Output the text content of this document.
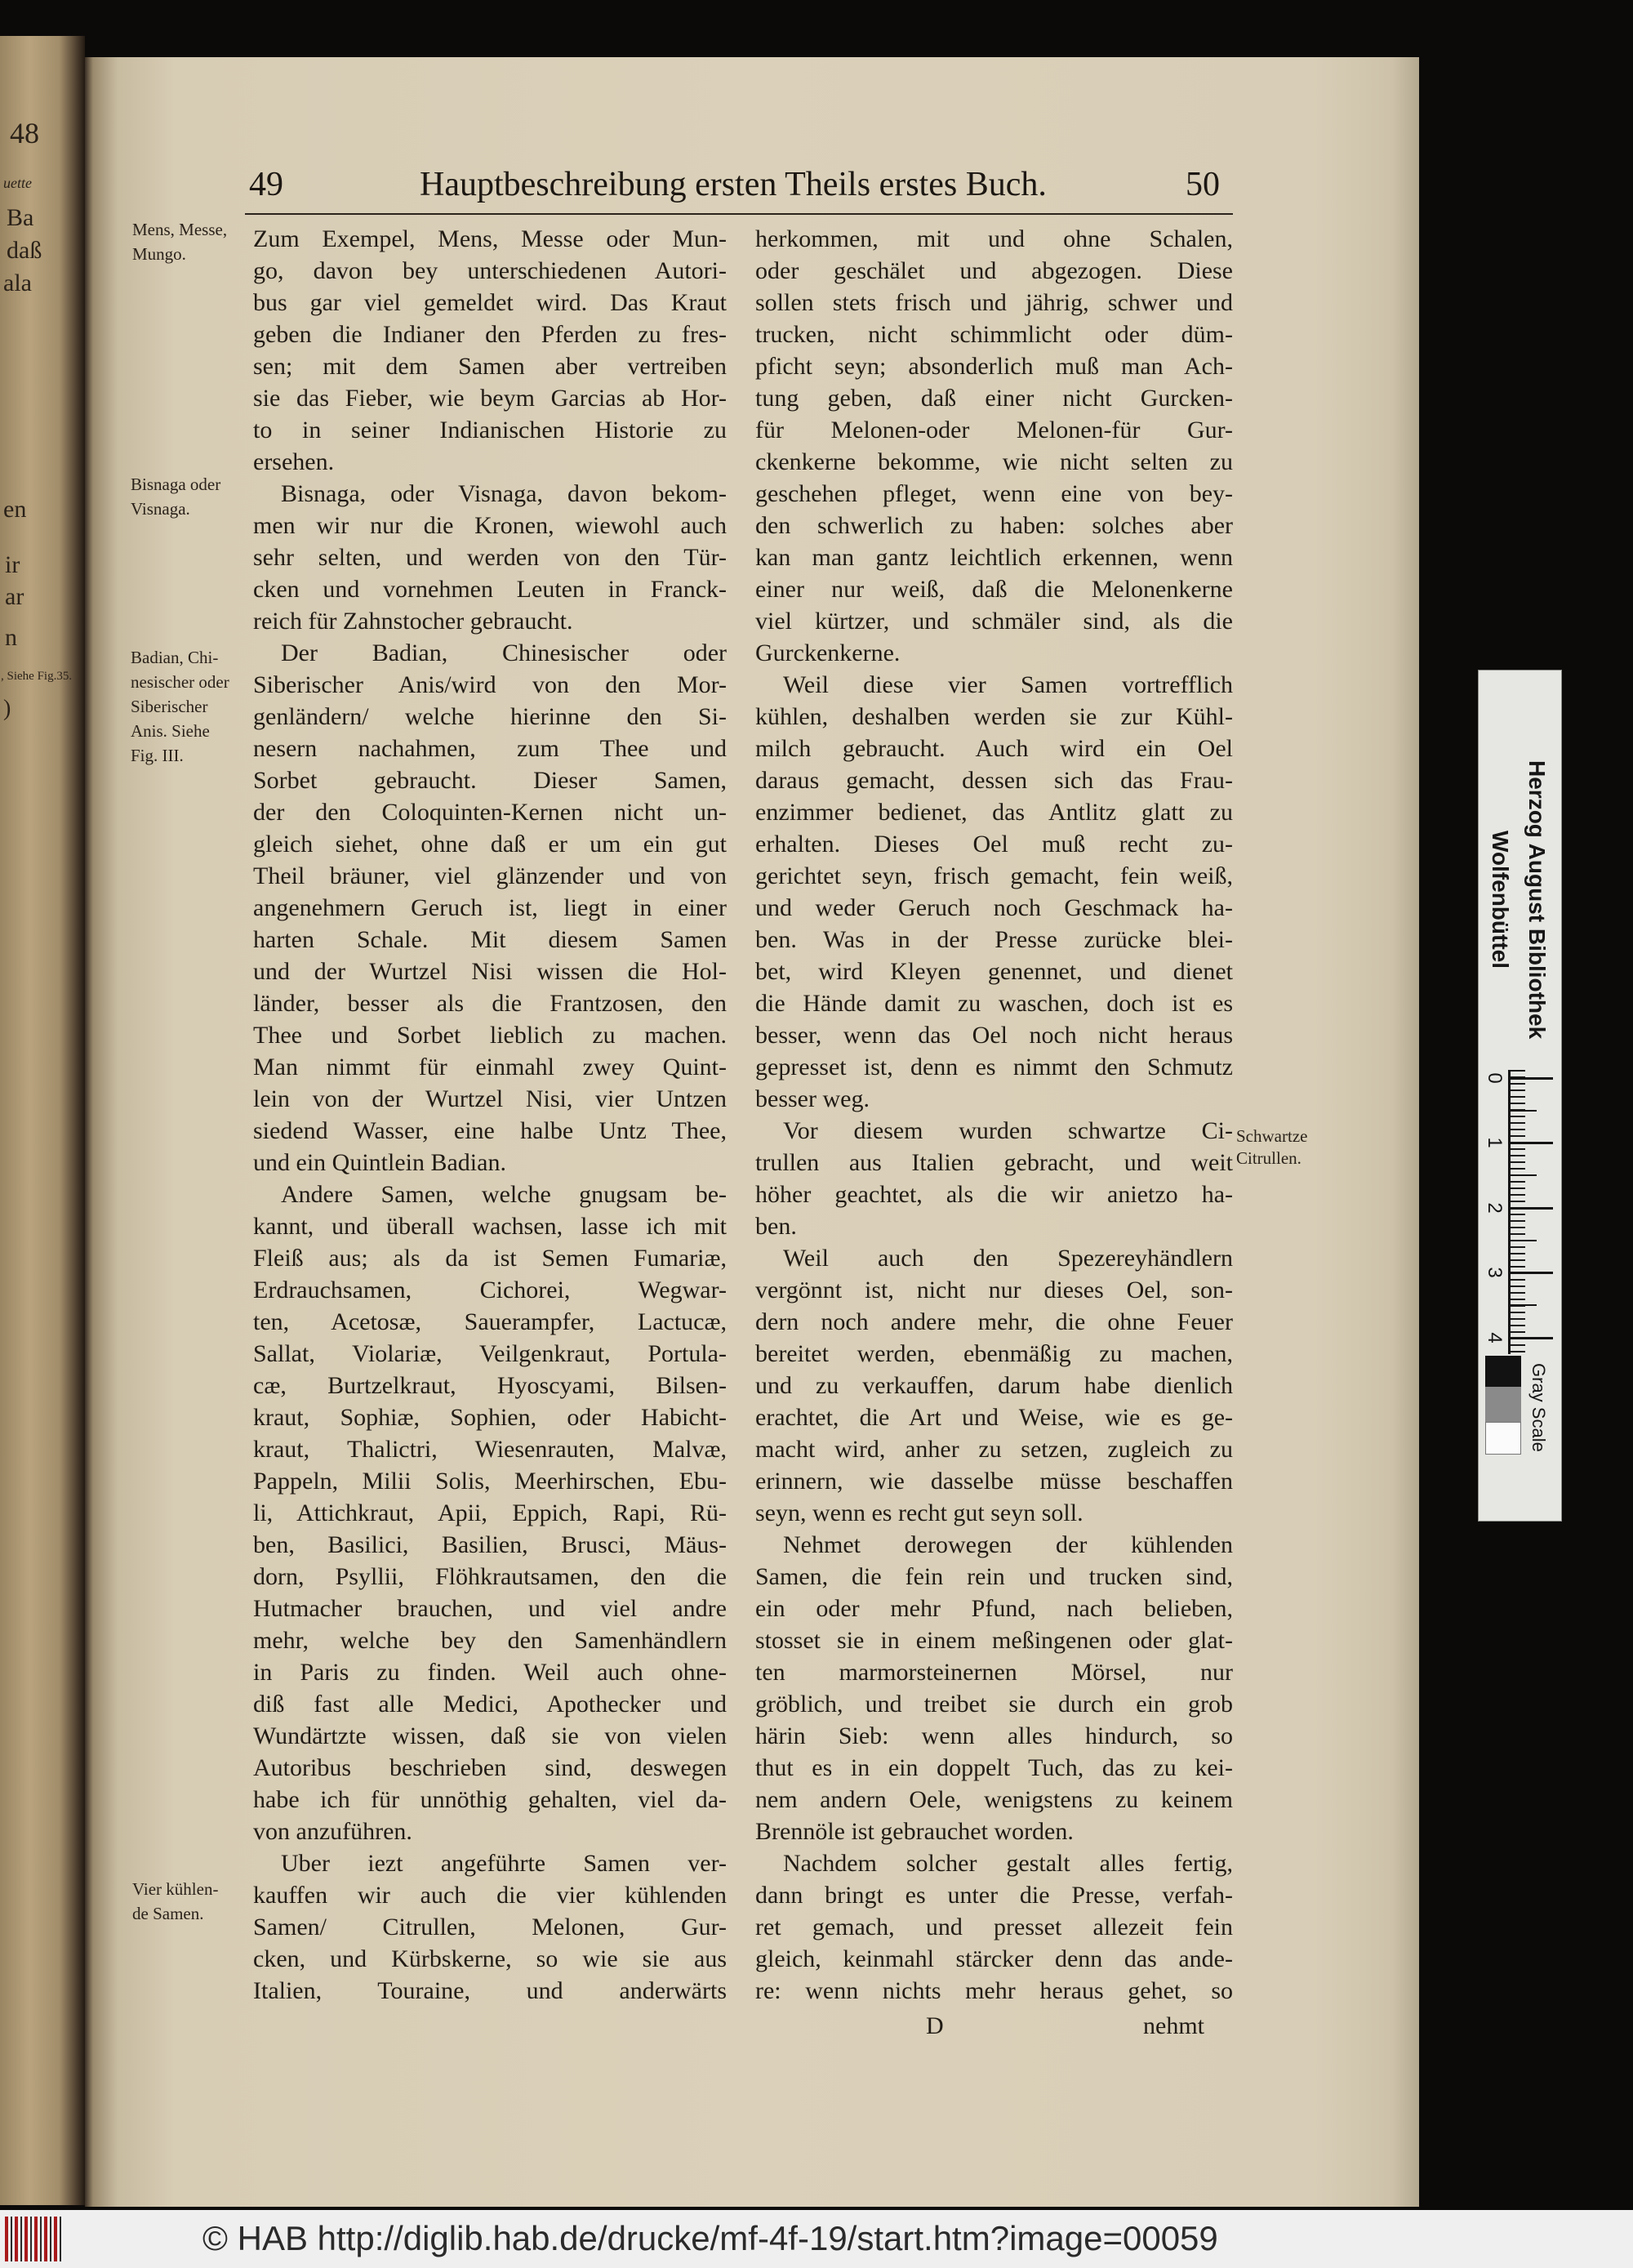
48
uette
Ba
daß
ala
en
ir
ar
n
, Siehe Fig.35.
)
49	Hauptbeschreibung ersten Theils erstes Buch.	50
Mens, Messe,
Mungo.
Bisnaga oder
Visnaga.
Badian, Chi-
nesischer oder
Siberischer
Anis. Siehe
Fig. III.
Vier kühlen-
de Samen.
Schwartze
Citrullen.
Zum Exempel, Mens, Messe oder Mun-
go, davon bey unterschiedenen Autori-
bus gar viel gemeldet wird. Das Kraut
geben die Indianer den Pferden zu fres-
sen; mit dem Samen aber vertreiben
sie das Fieber, wie beym Garcias ab Hor-
to in seiner Indianischen Historie zu
ersehen.
Bisnaga, oder Visnaga, davon bekom-
men wir nur die Kronen, wiewohl auch
sehr selten, und werden von den Tür-
cken und vornehmen Leuten in Franck-
reich für Zahnstocher gebraucht.
Der Badian, Chinesischer oder
Siberischer Anis/wird von den Mor-
genländern/ welche hierinne den Si-
nesern nachahmen, zum Thee und
Sorbet gebraucht. Dieser Samen,
der den Coloquinten-Kernen nicht un-
gleich siehet, ohne daß er um ein gut
Theil bräuner, viel glänzender und von
angenehmern Geruch ist, liegt in einer
harten Schale. Mit diesem Samen
und der Wurtzel Nisi wissen die Hol-
länder, besser als die Frantzosen, den
Thee und Sorbet lieblich zu machen.
Man nimmt für einmahl zwey Quint-
lein von der Wurtzel Nisi, vier Untzen
siedend Wasser, eine halbe Untz Thee,
und ein Quintlein Badian.
Andere Samen, welche gnugsam be-
kannt, und überall wachsen, lasse ich mit
Fleiß aus; als da ist Semen Fumariæ,
Erdrauchsamen, Cichorei, Wegwar-
ten, Acetosæ, Sauerampfer, Lactucæ,
Sallat, Violariæ, Veilgenkraut, Portula-
cæ, Burtzelkraut, Hyoscyami, Bilsen-
kraut, Sophiæ, Sophien, oder Habicht-
kraut, Thalictri, Wiesenrauten, Malvæ,
Pappeln, Milii Solis, Meerhirschen, Ebu-
li, Attichkraut, Apii, Eppich, Rapi, Rü-
ben, Basilici, Basilien, Brusci, Mäus-
dorn, Psyllii, Flöhkrautsamen, den die
Hutmacher brauchen, und viel andre
mehr, welche bey den Samenhändlern
in Paris zu finden. Weil auch ohne-
diß fast alle Medici, Apothecker und
Wundärtzte wissen, daß sie von vielen
Autoribus beschrieben sind, deswegen
habe ich für unnöthig gehalten, viel da-
von anzuführen.
Uber iezt angeführte Samen ver-
kauffen wir auch die vier kühlenden
Samen/ Citrullen, Melonen, Gur-
cken, und Kürbskerne, so wie sie aus
Italien, Touraine, und anderwärts
herkommen, mit und ohne Schalen,
oder geschälet und abgezogen. Diese
sollen stets frisch und jährig, schwer und
trucken, nicht schimmlicht oder düm-
pficht seyn; absonderlich muß man Ach-
tung geben, daß einer nicht Gurcken-
für Melonen-oder Melonen-für Gur-
ckenkerne bekomme, wie nicht selten zu
geschehen pfleget, wenn eine von bey-
den schwerlich zu haben: solches aber
kan man gantz leichtlich erkennen, wenn
einer nur weiß, daß die Melonenkerne
viel kürtzer, und schmäler sind, als die
Gurckenkerne.
Weil diese vier Samen vortrefflich
kühlen, deshalben werden sie zur Kühl-
milch gebraucht. Auch wird ein Oel
daraus gemacht, dessen sich das Frau-
enzimmer bedienet, das Antlitz glatt zu
erhalten. Dieses Oel muß recht zu-
gerichtet seyn, frisch gemacht, fein weiß,
und weder Geruch noch Geschmack ha-
ben. Was in der Presse zurücke blei-
bet, wird Kleyen genennet, und dienet
die Hände damit zu waschen, doch ist es
besser, wenn das Oel noch nicht heraus
gepresset ist, denn es nimmt den Schmutz
besser weg.
Vor diesem wurden schwartze Ci-
trullen aus Italien gebracht, und weit
höher geachtet, als die wir anietzo ha-
ben.
Weil auch den Spezereyhändlern
vergönnt ist, nicht nur dieses Oel, son-
dern noch andere mehr, die ohne Feuer
bereitet werden, ebenmäßig zu machen,
und zu verkauffen, darum habe dienlich
erachtet, die Art und Weise, wie es ge-
macht wird, anher zu setzen, zugleich zu
erinnern, wie dasselbe müsse beschaffen
seyn, wenn es recht gut seyn soll.
Nehmet derowegen der kühlenden
Samen, die fein rein und trucken sind,
ein oder mehr Pfund, nach belieben,
stosset sie in einem meßingenen oder glat-
ten marmorsteinernen Mörsel, nur
gröblich, und treibet sie durch ein grob
härin Sieb: wenn alles hindurch, so
thut es in ein doppelt Tuch, das zu kei-
nem andern Oele, wenigstens zu keinem
Brennöle ist gebrauchet worden.
Nachdem solcher gestalt alles fertig,
dann bringt es unter die Presse, verfah-
ret gemach, und presset allezeit fein
gleich, keinmahl stärcker denn das ande-
re: wenn nichts mehr heraus gehet, so
D	nehmt
Herzog August Bibliothek
Wolfenbüttel
0
1
2
3
4
Gray Scale
© HAB http://diglib.hab.de/drucke/mf-4f-19/start.htm?image=00059
